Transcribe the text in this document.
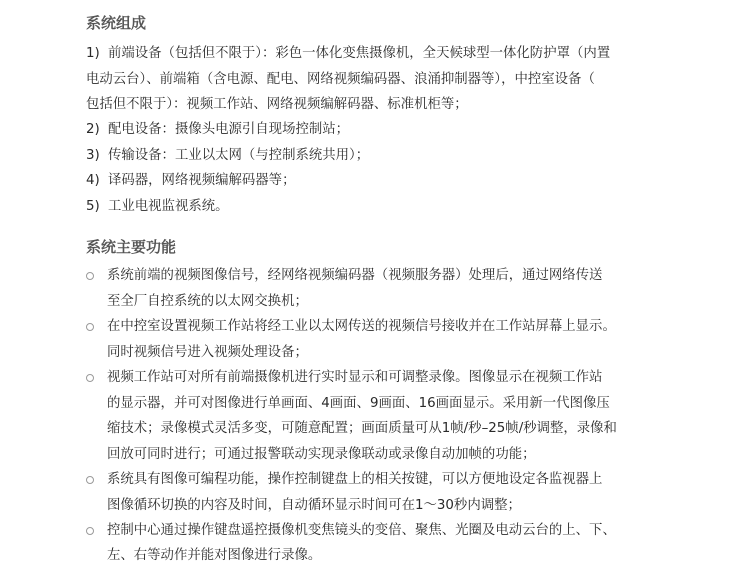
系统组成
1) 前端设备（包括但不限于）：彩色一体化变焦摄像机，全天候球型一体化防护罩（内置
电动云台）、前端箱（含电源、配电、网络视频编码器、浪涌抑制器等），中控室设备（
包括但不限于）：视频工作站、网络视频编解码器、标准机柜等；
2) 配电设备：摄像头电源引自现场控制站；
3) 传输设备：工业以太网（与控制系统共用）；
4) 译码器，网络视频编解码器等；
5) 工业电视监视系统。
系统主要功能
系统前端的视频图像信号，经网络视频编码器（视频服务器）处理后，通过网络传送
至全厂自控系统的以太网交换机；
在中控室设置视频工作站将经工业以太网传送的视频信号接收并在工作站屏幕上显示。
同时视频信号进入视频处理设备；
视频工作站可对所有前端摄像机进行实时显示和可调整录像。图像显示在视频工作站
的显示器，并可对图像进行单画面、4画面、9画面、16画面显示。采用新一代图像压
缩技术；录像模式灵活多变，可随意配置；画面质量可从1帧/秒–25帧/秒调整，录像和
回放可同时进行；可通过报警联动实现录像联动或录像自动加帧的功能；
系统具有图像可编程功能，操作控制键盘上的相关按键，可以方便地设定各监视器上
图像循环切换的内容及时间，自动循环显示时间可在1～30秒内调整；
控制中心通过操作键盘遥控摄像机变焦镜头的变倍、聚焦、光圈及电动云台的上、下、
左、右等动作并能对图像进行录像。
